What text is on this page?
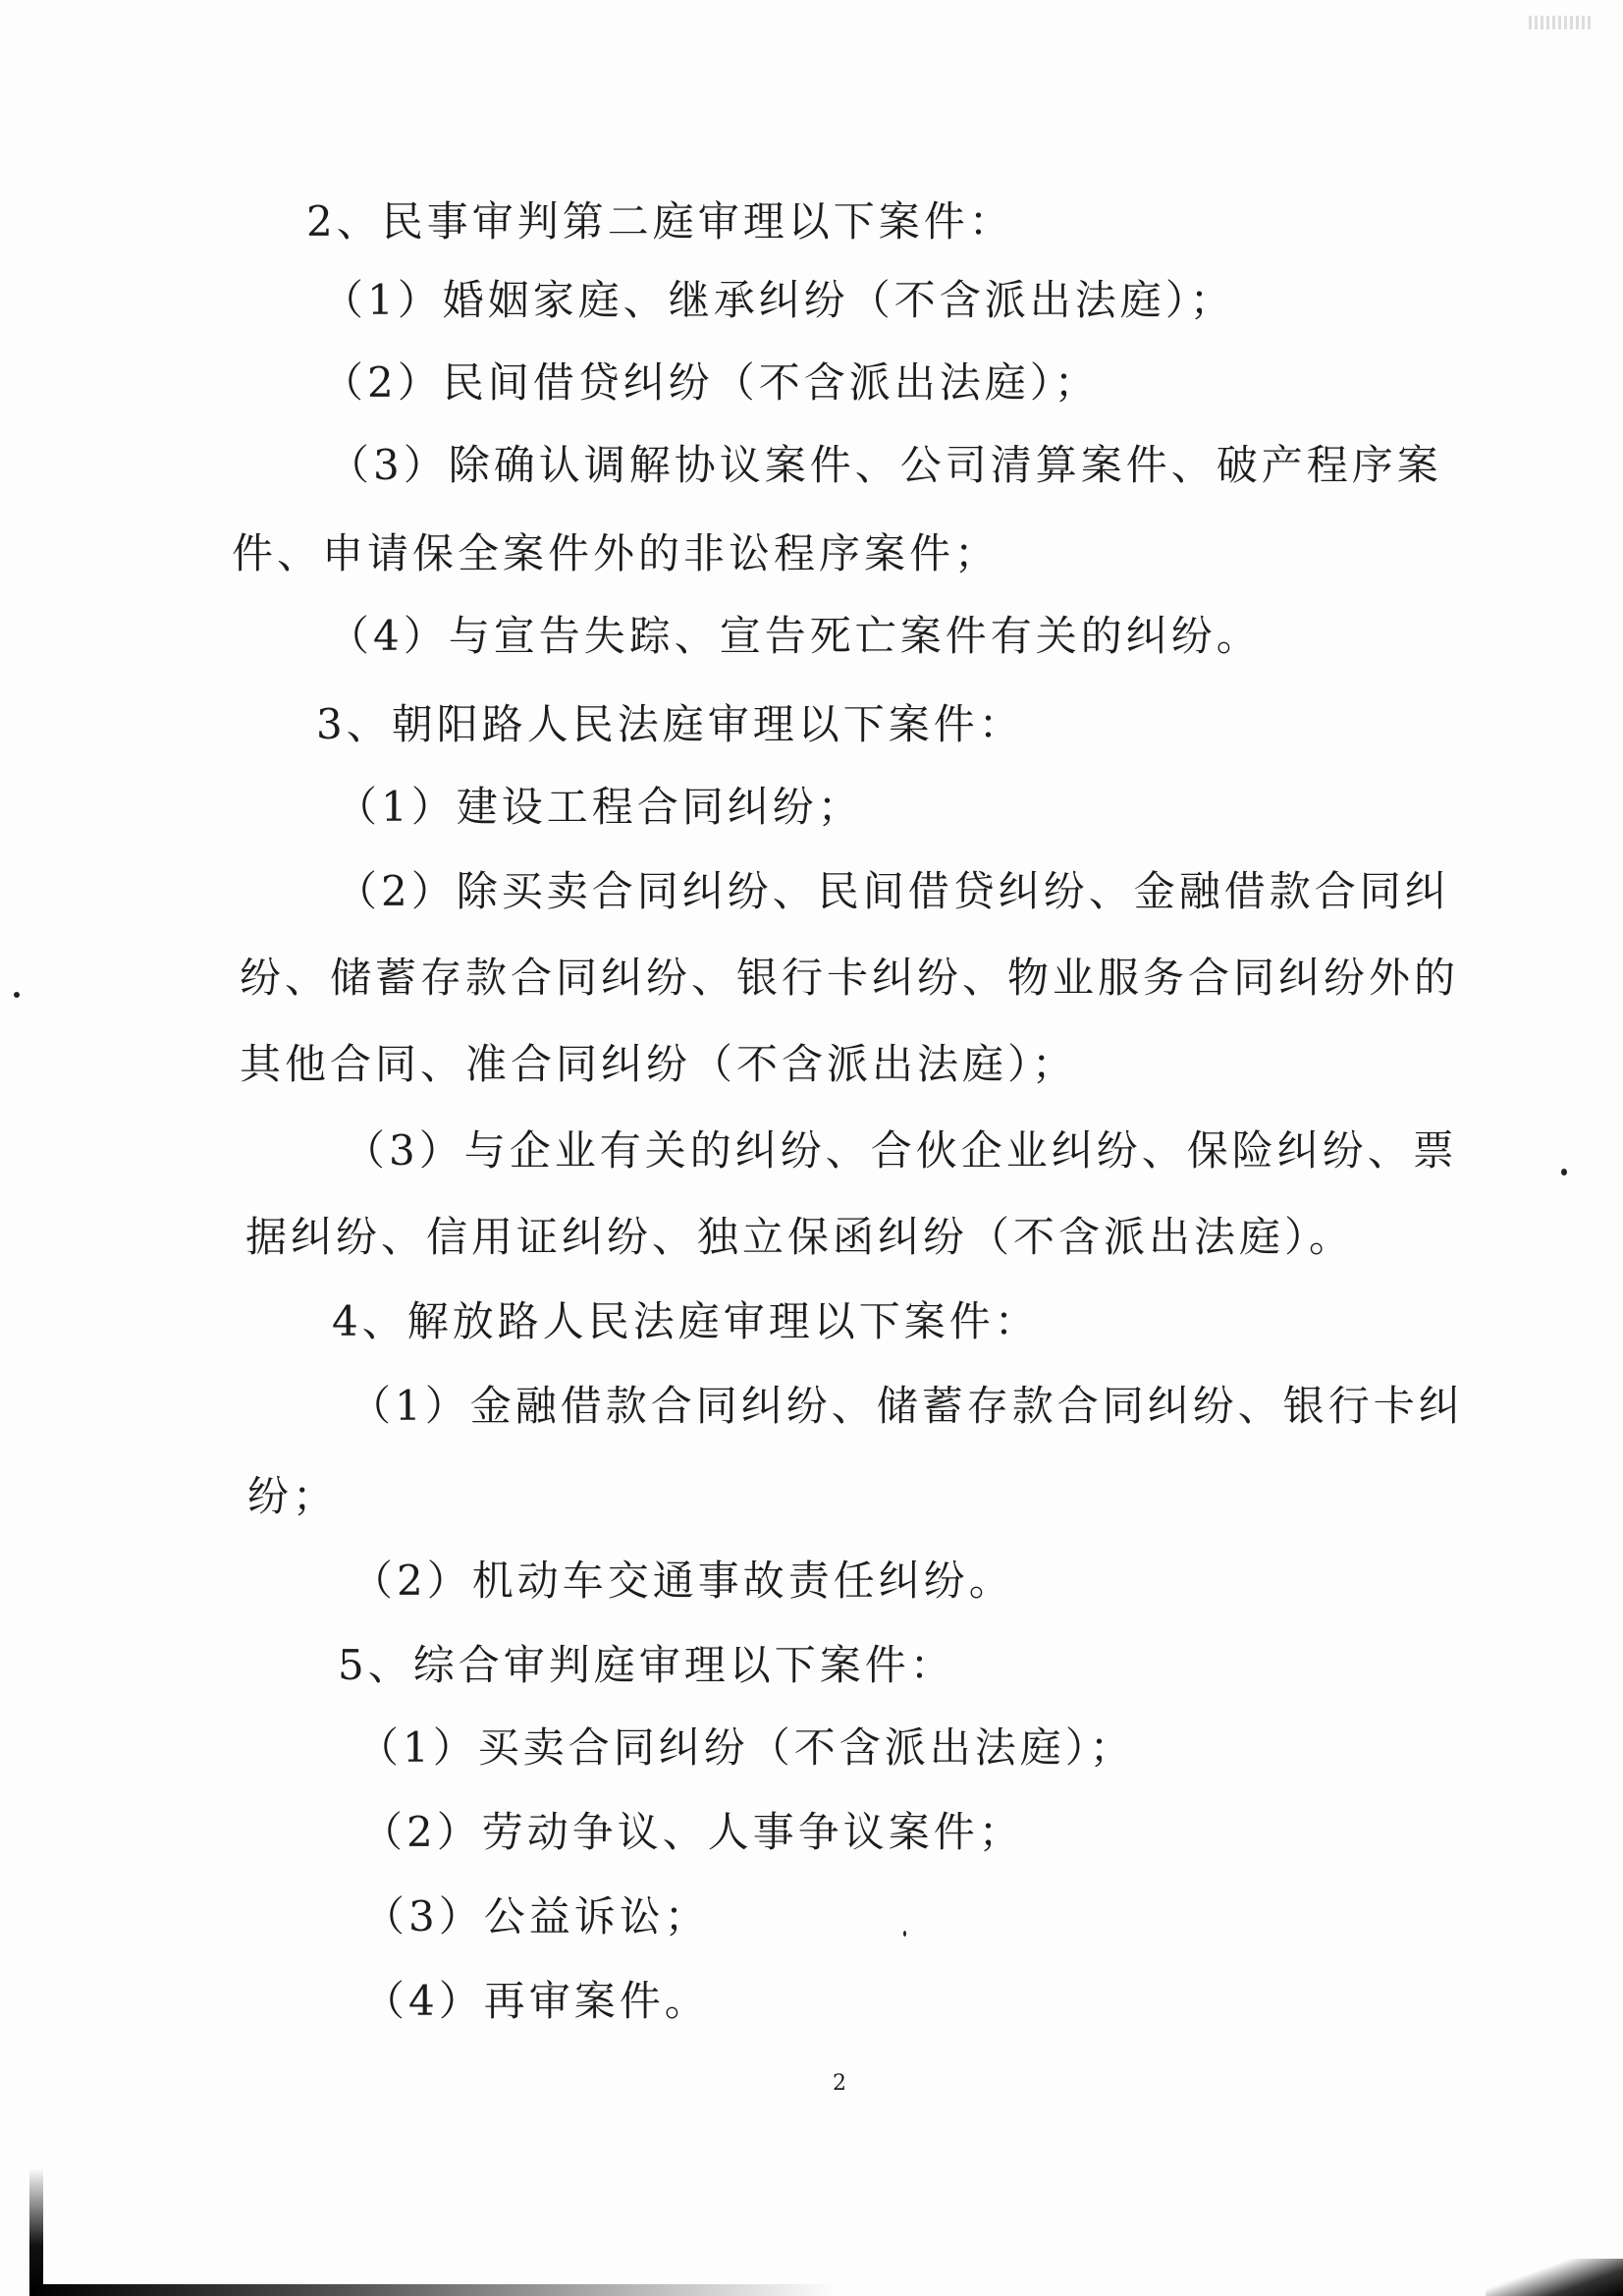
2、民事审判第二庭审理以下案件：
（1）婚姻家庭、继承纠纷（不含派出法庭）；
（2）民间借贷纠纷（不含派出法庭）；
（3）除确认调解协议案件、公司清算案件、破产程序案
件、申请保全案件外的非讼程序案件；
（4）与宣告失踪、宣告死亡案件有关的纠纷。
3、朝阳路人民法庭审理以下案件：
（1）建设工程合同纠纷；
（2）除买卖合同纠纷、民间借贷纠纷、金融借款合同纠
纷、储蓄存款合同纠纷、银行卡纠纷、物业服务合同纠纷外的
其他合同、准合同纠纷（不含派出法庭）；
（3）与企业有关的纠纷、合伙企业纠纷、保险纠纷、票
据纠纷、信用证纠纷、独立保函纠纷（不含派出法庭）。
4、解放路人民法庭审理以下案件：
（1）金融借款合同纠纷、储蓄存款合同纠纷、银行卡纠
纷；
（2）机动车交通事故责任纠纷。
5、综合审判庭审理以下案件：
（1）买卖合同纠纷（不含派出法庭）；
（2）劳动争议、人事争议案件；
（3）公益诉讼；
（4）再审案件。
2
